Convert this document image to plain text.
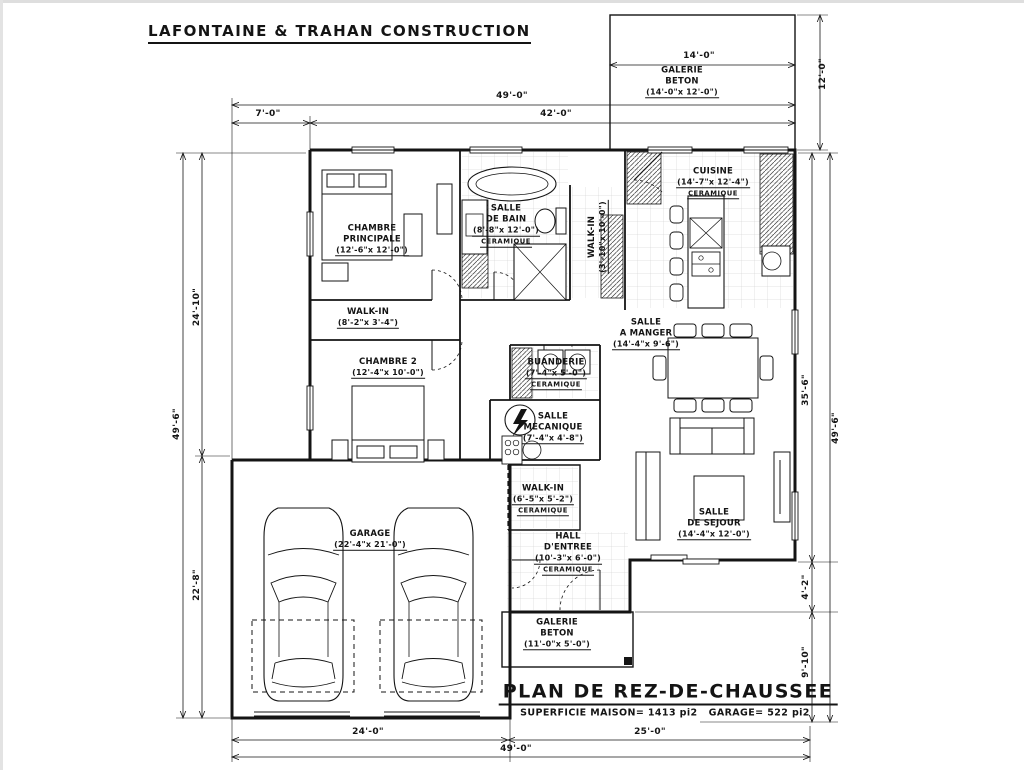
LAFONTAINE & TRAHAN CONSTRUCTION
GALERIE
BETON
(14'-0"x 12'-0")
CHAMBRE
PRINCIPALE
(12'-6"x 12'-0")
WALK-IN
(8'-2"x 3'-4")
SALLE
DE BAIN
(8'-8"x 12'-0")
CERAMIQUE	WALK-IN (3'-10"x 10'-0")
CUISINE
(14'-7"x 12'-4")
CERAMIQUE
SALLE
A MANGER
(14'-4"x 9'-6")
CHAMBRE 2
(12'-4"x 10'-0")
BUANDERIE
(7'-4"x 5'-0")
CERAMIQUE
SALLE
MECANIQUE
(7'-4"x 4'-8")
WALK-IN
(6'-5"x 5'-2")
CERAMIQUE	SALLE
DE SEJOUR
(14'-4"x 12'-0")
HALL
D'ENTREE
(10'-3"x 6'-0")
CERAMIQUE
GARAGE
(22'-4"x 21'-0")
GALERIE
BETON
(11'-0"x 5'-0")
49'-0"
7'-0"	42'-0"
14'-0"
12'-0"
49'-6"
24'-10"
22'-8"
35'-6"
49'-6"
4'-2"
9'-10"
24'-0"	25'-0"
49'-0"
PLAN DE REZ-DE-CHAUSSEE
SUPERFICIE MAISON= 1413 pi2   GARAGE= 522 pi2
